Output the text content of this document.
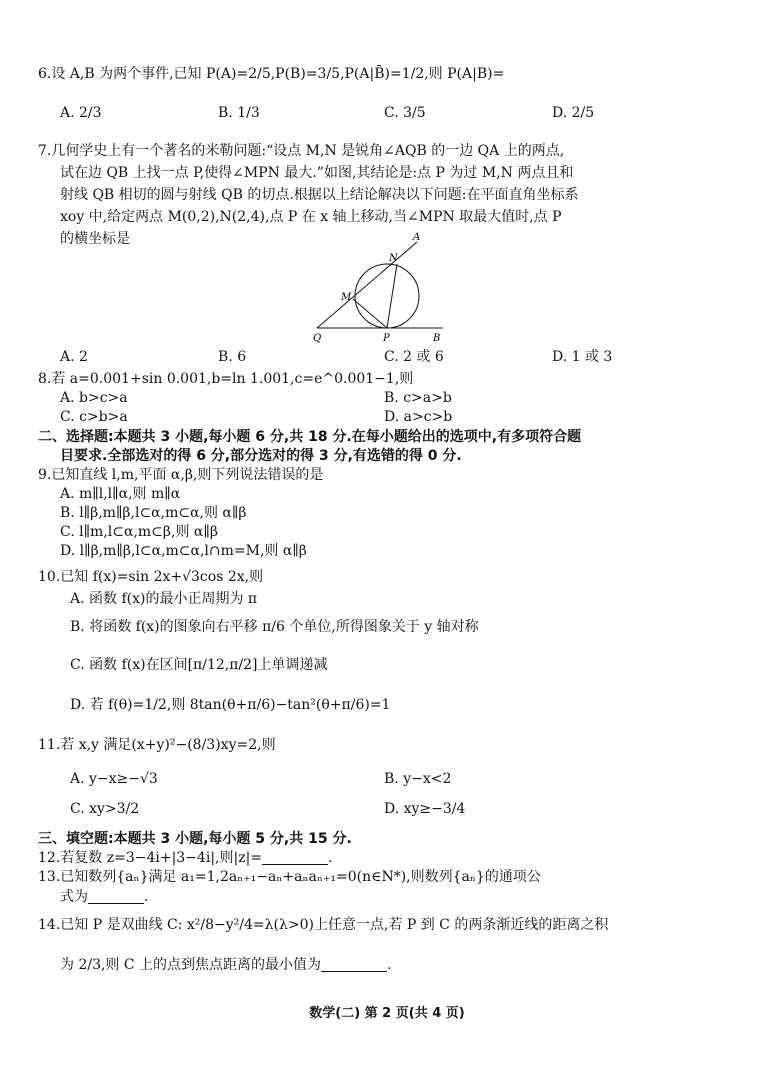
6.设 A,B 为两个事件,已知 P(A)=2/5,P(B)=3/5,P(A|B̄)=1/2,则 P(A|B)=
A. 2/3	B. 1/3	C. 3/5	D. 2/5
7.几何学史上有一个著名的米勒问题:“设点 M,N 是锐角∠AQB 的一边 QA 上的两点,
试在边 QB 上找一点 P,使得∠MPN 最大.”如图,其结论是:点 P 为过 M,N 两点且和
射线 QB 相切的圆与射线 QB 的切点.根据以上结论解决以下问题:在平面直角坐标系
xoy 中,给定两点 M(0,2),N(2,4),点 P 在 x 轴上移动,当∠MPN 取最大值时,点 P
的横坐标是	A
N
M
Q	P	B
A. 2	B. 6	C. 2 或 6	D. 1 或 3
8.若 a=0.001+sin 0.001,b=ln 1.001,c=e^0.001−1,则
A. b>c>a	B. c>a>b
C. c>b>a	D. a>c>b
二、选择题:本题共 3 小题,每小题 6 分,共 18 分.在每小题给出的选项中,有多项符合题
目要求.全部选对的得 6 分,部分选对的得 3 分,有选错的得 0 分.
9.已知直线 l,m,平面 α,β,则下列说法错误的是
A. m∥l,l∥α,则 m∥α
B. l∥β,m∥β,l⊂α,m⊂α,则 α∥β
C. l∥m,l⊂α,m⊂β,则 α∥β
D. l∥β,m∥β,l⊂α,m⊂α,l∩m=M,则 α∥β
10.已知 f(x)=sin 2x+√3cos 2x,则
A. 函数 f(x)的最小正周期为 π
B. 将函数 f(x)的图象向右平移 π/6 个单位,所得图象关于 y 轴对称
C. 函数 f(x)在区间[π/12,π/2]上单调递减
D. 若 f(θ)=1/2,则 8tan(θ+π/6)−tan²(θ+π/6)=1
11.若 x,y 满足(x+y)²−(8/3)xy=2,则
A. y−x≥−√3	B. y−x<2
C. xy>3/2	D. xy≥−3/4
三、填空题:本题共 3 小题,每小题 5 分,共 15 分.
12.若复数 z=3−4i+|3−4i|,则|z|=	.
13.已知数列{aₙ}满足 a₁=1,2aₙ₊₁−aₙ+aₙaₙ₊₁=0(n∈N*),则数列{aₙ}的通项公
式为	.
14.已知 P 是双曲线 C: x²/8−y²/4=λ(λ>0)上任意一点,若 P 到 C 的两条渐近线的距离之积
为 2/3,则 C 上的点到焦点距离的最小值为	.
数学(二) 第 2 页(共 4 页)
